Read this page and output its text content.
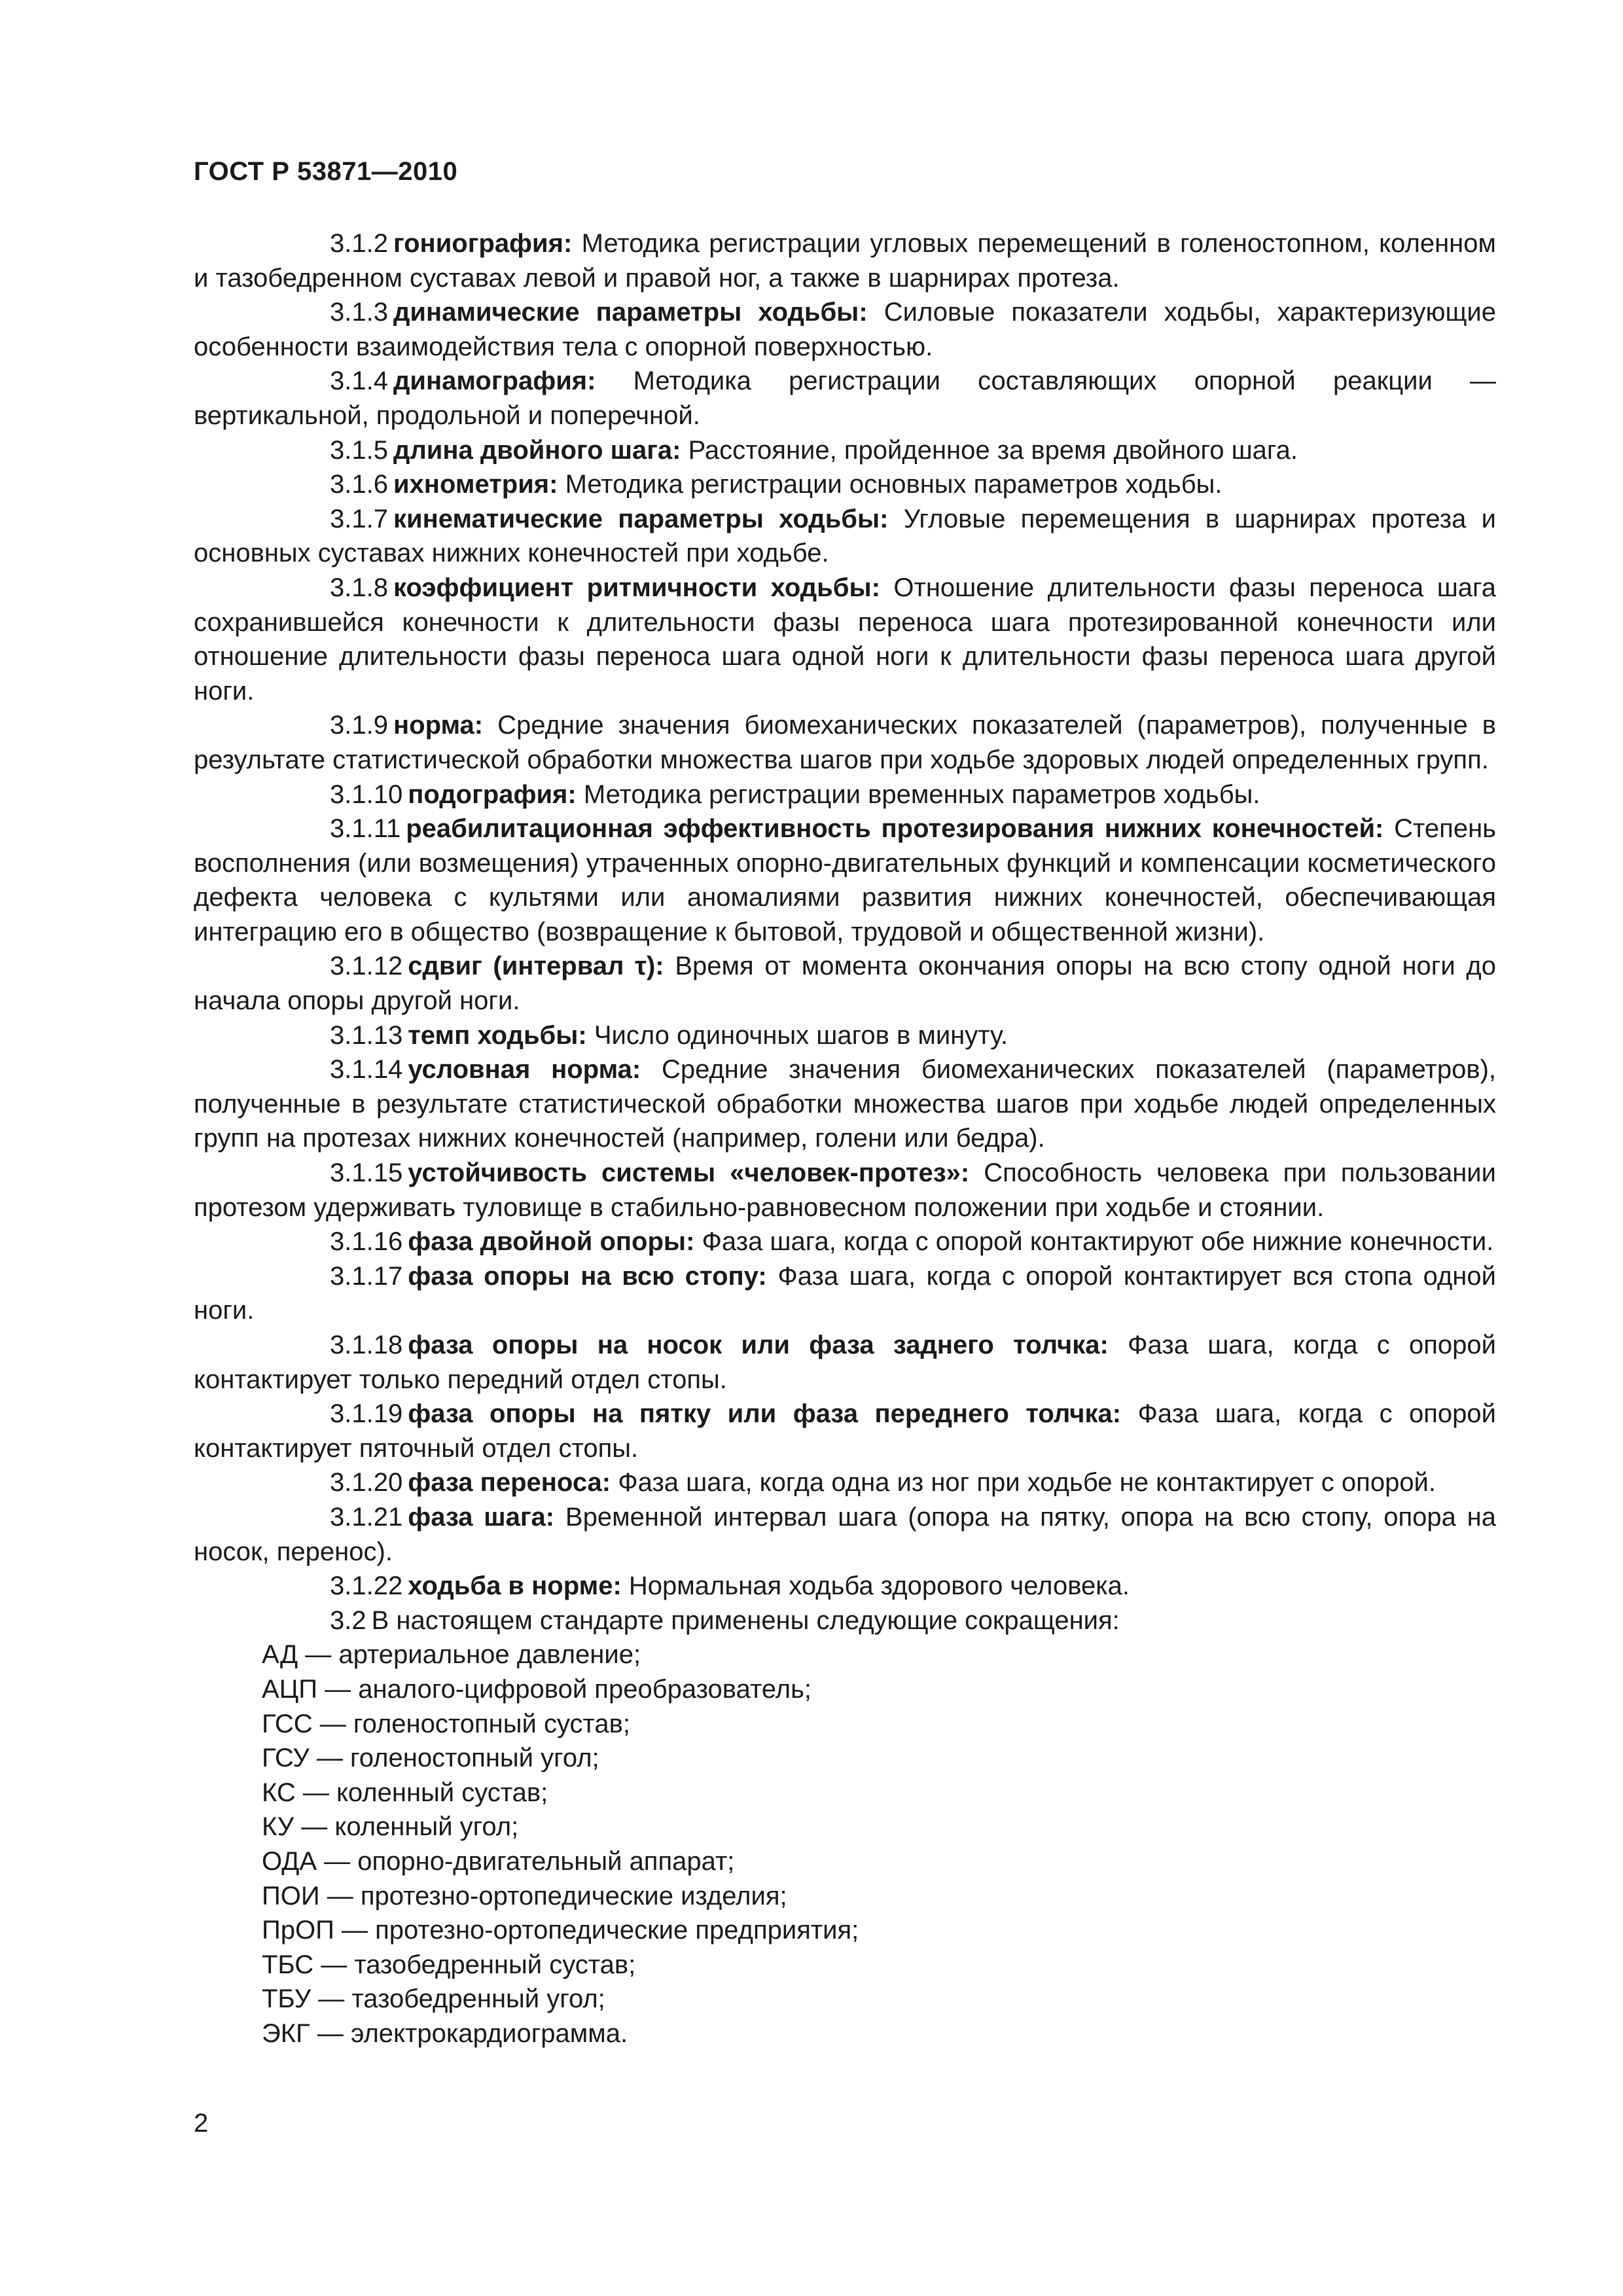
ГОСТ Р 53871—2010

3.1.2 гониография: Методика регистрации угловых перемещений в голеностопном, коленном и тазобедренном суставах левой и правой ног, а также в шарнирах протеза.

3.1.3 динамические параметры ходьбы: Силовые показатели ходьбы, характеризующие особенности взаимодействия тела с опорной поверхностью.

3.1.4 динамография: Методика регистрации составляющих опорной реакции — вертикальной, продольной и поперечной.

3.1.5 длина двойного шага: Расстояние, пройденное за время двойного шага.

3.1.6 ихнометрия: Методика регистрации основных параметров ходьбы.

3.1.7 кинематические параметры ходьбы: Угловые перемещения в шарнирах протеза и основных суставах нижних конечностей при ходьбе.

3.1.8 коэффициент ритмичности ходьбы: Отношение длительности фазы переноса шага сохранившейся конечности к длительности фазы переноса шага протезированной конечности или отношение длительности фазы переноса шага одной ноги к длительности фазы переноса шага другой ноги.

3.1.9 норма: Средние значения биомеханических показателей (параметров), полученные в результате статистической обработки множества шагов при ходьбе здоровых людей определенных групп.

3.1.10 подография: Методика регистрации временных параметров ходьбы.

3.1.11 реабилитационная эффективность протезирования нижних конечностей: Степень восполнения (или возмещения) утраченных опорно-двигательных функций и компенсации косметического дефекта человека с культями или аномалиями развития нижних конечностей, обеспечивающая интеграцию его в общество (возвращение к бытовой, трудовой и общественной жизни).

3.1.12 сдвиг (интервал τ): Время от момента окончания опоры на всю стопу одной ноги до начала опоры другой ноги.

3.1.13 темп ходьбы: Число одиночных шагов в минуту.

3.1.14 условная норма: Средние значения биомеханических показателей (параметров), полученные в результате статистической обработки множества шагов при ходьбе людей определенных групп на протезах нижних конечностей (например, голени или бедра).

3.1.15 устойчивость системы «человек-протез»: Способность человека при пользовании протезом удерживать туловище в стабильно-равновесном положении при ходьбе и стоянии.

3.1.16 фаза двойной опоры: Фаза шага, когда с опорой контактируют обе нижние конечности.

3.1.17 фаза опоры на всю стопу: Фаза шага, когда с опорой контактирует вся стопа одной ноги.

3.1.18 фаза опоры на носок или фаза заднего толчка: Фаза шага, когда с опорой контактирует только передний отдел стопы.

3.1.19 фаза опоры на пятку или фаза переднего толчка: Фаза шага, когда с опорой контактирует пяточный отдел стопы.

3.1.20 фаза переноса: Фаза шага, когда одна из ног при ходьбе не контактирует с опорой.

3.1.21 фаза шага: Временной интервал шага (опора на пятку, опора на всю стопу, опора на носок, перенос).

3.1.22 ходьба в норме: Нормальная ходьба здорового человека.

3.2 В настоящем стандарте применены следующие сокращения:

АД — артериальное давление;
АЦП — аналого-цифровой преобразователь;
ГСС — голеностопный сустав;
ГСУ — голеностопный угол;
КС — коленный сустав;
КУ — коленный угол;
ОДА — опорно-двигательный аппарат;
ПОИ — протезно-ортопедические изделия;
ПрОП — протезно-ортопедические предприятия;
ТБС — тазобедренный сустав;
ТБУ — тазобедренный угол;
ЭКГ — электрокардиограмма.
2
